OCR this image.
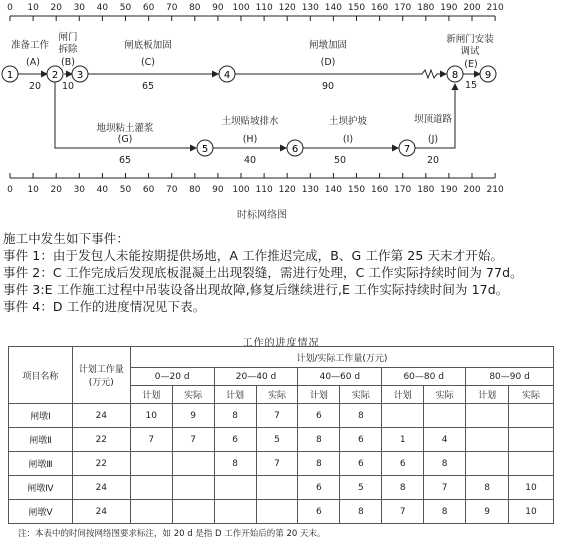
0 10 20 30 40 50 60 70 80 90 100 110 120 130 140 150 160 170 180 190 200 210
0 10 20 30 40 50 60 70 80 90 100 110 120 130 140 150 160 170 180 190 200 210
1	2 3	4
5	6	7
8	9
准备工作
(A)
20
闸门
拆除
(B)
10
闸底板加固
(C)
65
闸墩加固
(D)
90
新闸门安装
调试
(E)
15
地坝粘土灌浆
(G)
65
土坝贴坡排水
(H)
40
土坝护坡
(I)
50
坝顶道路
(J)
20
时标网络图
施工中发生如下事件：
事件 1：由于发包人未能按期提供场地，A 工作推迟完成，B、G 工作第 25 天末才开始。
事件 2：C 工作完成后发现底板混凝土出现裂缝，需进行处理，C 工作实际持续时间为 77d。
事件 3:E 工作施工过程中吊装设备出现故障,修复后继续进行,E 工作实际持续时间为 17d。
事件 4：D 工作的进度情况见下表。
工作的进度情况
项目名称	计划工作量
(万元)	计划/实际工作量(万元)									
		0—20 d		20—40 d		40—60 d		60—80 d		80—90 d	
		计划	实际	计划	实际	计划	实际	计划	实际	计划	实际
闸墩Ⅰ	24	10	9	8	7	6	8				
闸墩Ⅱ	22	7	7	6	5	8	6	1	4		
闸墩Ⅲ	22			8	7	8	6	6	8		
闸墩Ⅳ	24					6	5	8	7	8	10
闸墩Ⅴ	24					6	8	7	8	9	10
注：本表中的时间按网络图要求标注，如 20 d 是指 D 工作开始后的第 20 天末。
